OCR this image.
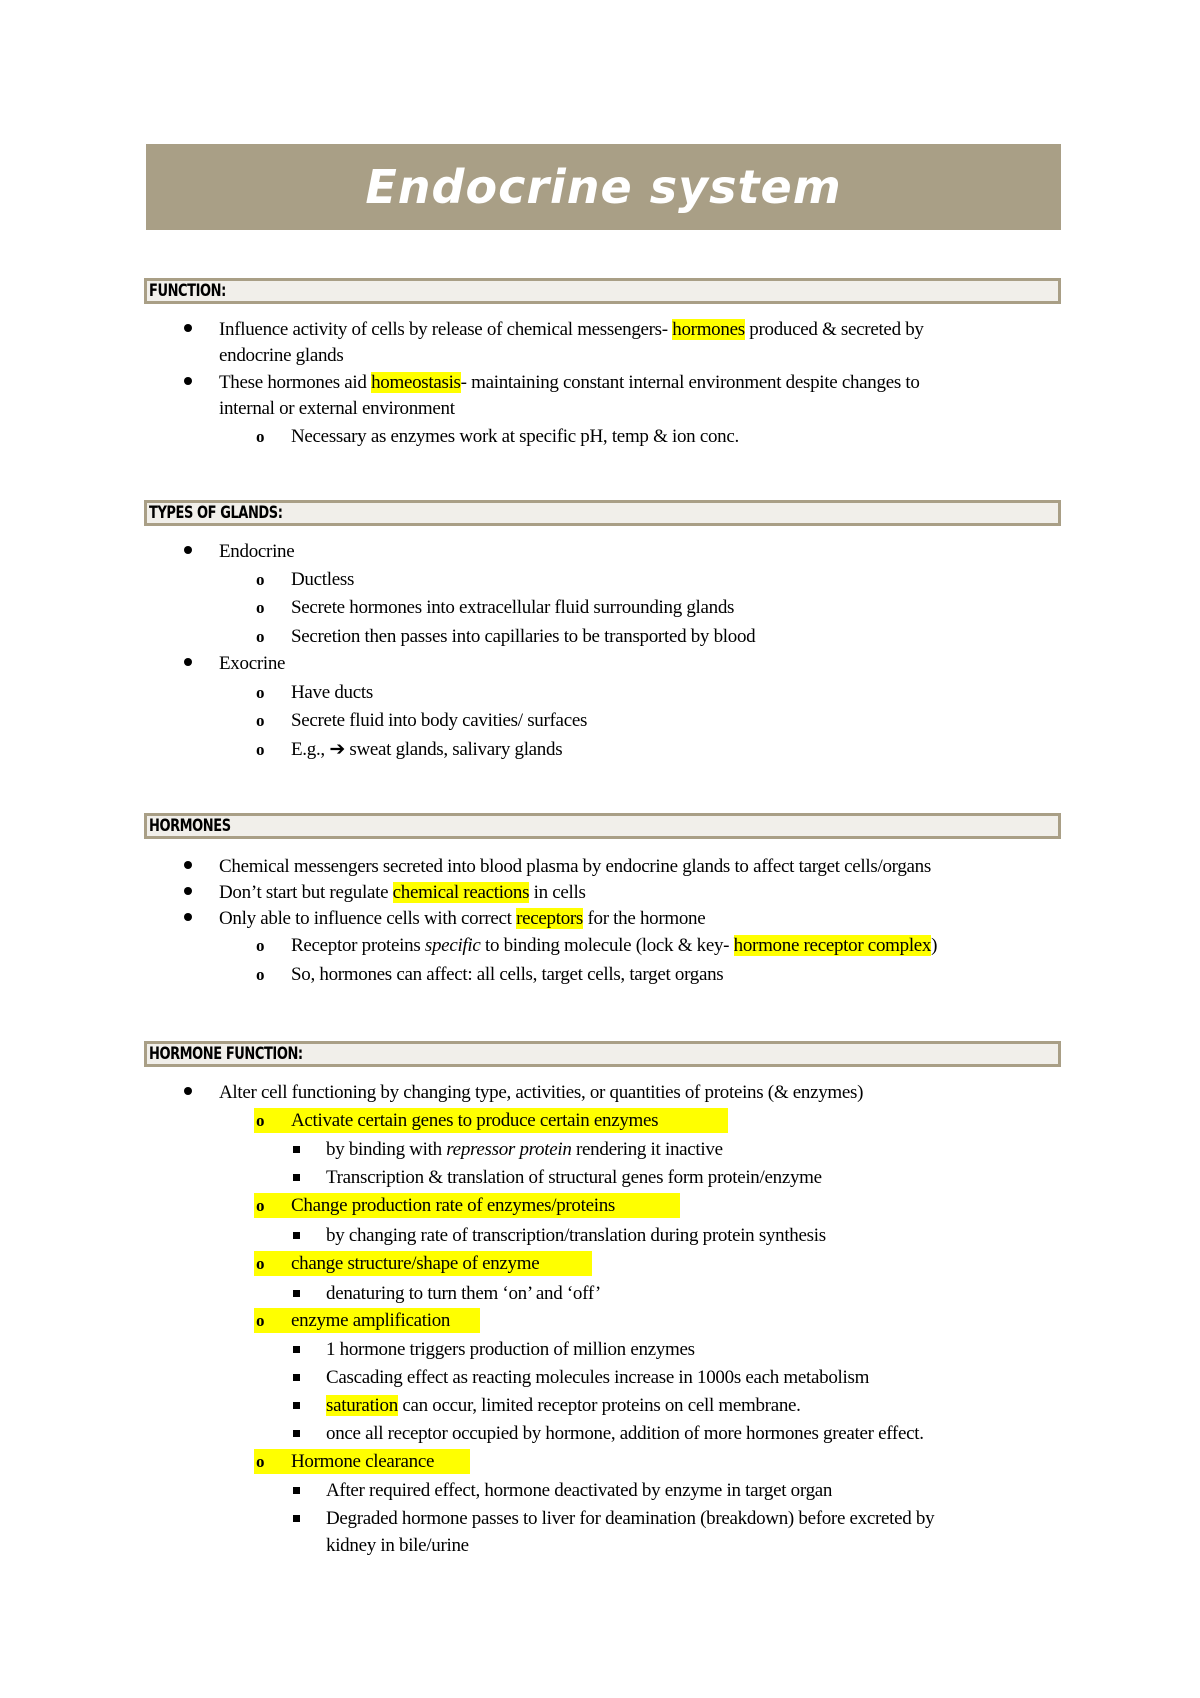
Endocrine system
FUNCTION:
Influence activity of cells by release of chemical messengers- hormones produced & secreted by
endocrine glands
These hormones aid homeostasis- maintaining constant internal environment despite changes to
internal or external environment
o Necessary as enzymes work at specific pH, temp & ion conc.
TYPES OF GLANDS:
Endocrine
o Ductless
o Secrete hormones into extracellular fluid surrounding glands
o Secretion then passes into capillaries to be transported by blood
Exocrine
o Have ducts
o Secrete fluid into body cavities/ surfaces
o E.g., ➔ sweat glands, salivary glands
HORMONES
Chemical messengers secreted into blood plasma by endocrine glands to affect target cells/organs
Don’t start but regulate chemical reactions in cells
Only able to influence cells with correct receptors for the hormone
o Receptor proteins specific to binding molecule (lock & key- hormone receptor complex)
o So, hormones can affect: all cells, target cells, target organs
HORMONE FUNCTION:
Alter cell functioning by changing type, activities, or quantities of proteins (& enzymes)
o Activate certain genes to produce certain enzymes
by binding with repressor protein rendering it inactive
Transcription & translation of structural genes form protein/enzyme
o Change production rate of enzymes/proteins
by changing rate of transcription/translation during protein synthesis
o change structure/shape of enzyme
denaturing to turn them ‘on’ and ‘off’
o enzyme amplification
1 hormone triggers production of million enzymes
Cascading effect as reacting molecules increase in 1000s each metabolism
saturation can occur, limited receptor proteins on cell membrane.
once all receptor occupied by hormone, addition of more hormones greater effect.
o Hormone clearance
After required effect, hormone deactivated by enzyme in target organ
Degraded hormone passes to liver for deamination (breakdown) before excreted by
kidney in bile/urine
